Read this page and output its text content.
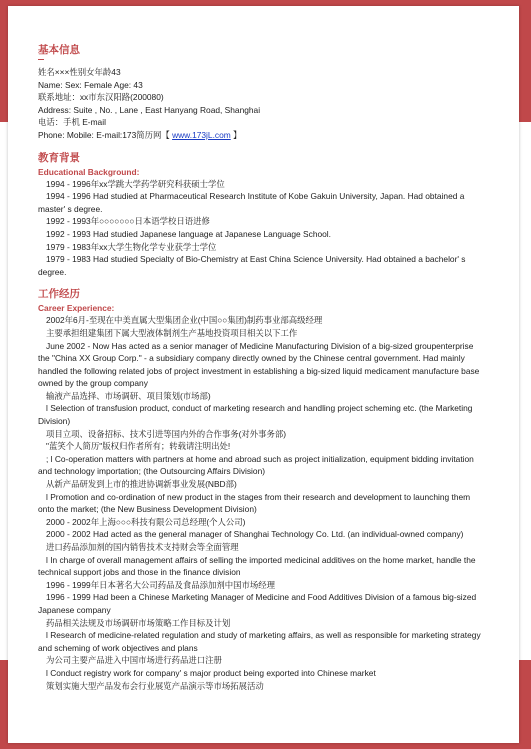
基本信息
姓名×××性别女年龄43
Name: Sex: Female Age: 43
联系地址：xx市东汉阳路(200080)
Address: Suite , No. , Lane , East Hanyang Road, Shanghai
电话：手机 E-mail
Phone: Mobile: E-mail:173简历网【 www.173jL.com 】
教育背景
Educational Background:
1994 - 1996年xx学跳大学药学研究科获硕士学位
1994 - 1996 Had studied at Pharmaceutical Research Institute of Kobe Gakuin University, Japan. Had obtained a master' s degree.
1992 - 1993年○○○○○○○日本语学校日语进修
1992 - 1993 Had studied Japanese language at Japanese Language School.
1979 - 1983年xx大学生物化学专业获学士学位
1979 - 1983 Had studied Specialty of Bio-Chemistry at East China Science University. Had obtained a bachelor' s degree.
工作经历
Career Experience:
2002年6月-至现在中美直属大型集团企业(中国○○集团)制药事业部高级经理
主要承担组建集团下属大型液体制剂生产基地投资项目相关以下工作
June 2002 - Now Has acted as a senior manager of Medicine Manufacturing Division of a big-sized groupenterprise the "China XX Group Corp." - a subsidiary company directly owned by the Chinese central government. Had mainly handled the following related jobs of project investment in establishing a big-sized liquid medicament manufacture base owned by the group company
输液产品选择、市场调研、项目策划(市场部)
l Selection of transfusion product, conduct of marketing research and handling project scheming etc. (the Marketing Division)
项目立项、设备招标、技术引进等国内外的合作事务(对外事务部)
"蓝笑个人简历"版权归作者所有；转载请注明出处!
; l Co-operation matters with partners at home and abroad such as project initialization, equipment bidding invitation and technology importation; (the Outsourcing Affairs Division)
从新产品研发到上市的推进协调新事业发展(NBD部)
l Promotion and co-ordination of new product in the stages from their research and development to launching them onto the market; (the New Business Development Division)
2000 - 2002年上海○○○科技有限公司总经理(个人公司)
2000 - 2002 Had acted as the general manager of Shanghai Technology Co. Ltd. (an individual-owned company)
进口药品添加剂的国内销售技术支持财会等全面管理
l In charge of overall management affairs of selling the imported medicinal additives on the home market, handle the technical support jobs and those in the finance division
1996 - 1999年日本著名大公司药品及食品添加剂中国市场经理
1996 - 1999 Had been a Chinese Marketing Manager of Medicine and Food Additives Division of a famous big-sized Japanese company
药品相关法规及市场调研市场策略工作目标及计划
l Research of medicine-related regulation and study of marketing affairs, as well as responsible for marketing strategy and scheming of work objectives and plans
为公司主要产品进入中国市场进行药品进口注册
l Conduct registry work for company' s major product being exported into Chinese market
策划实施大型产品发布会行业展览产品演示等市场拓展活动
